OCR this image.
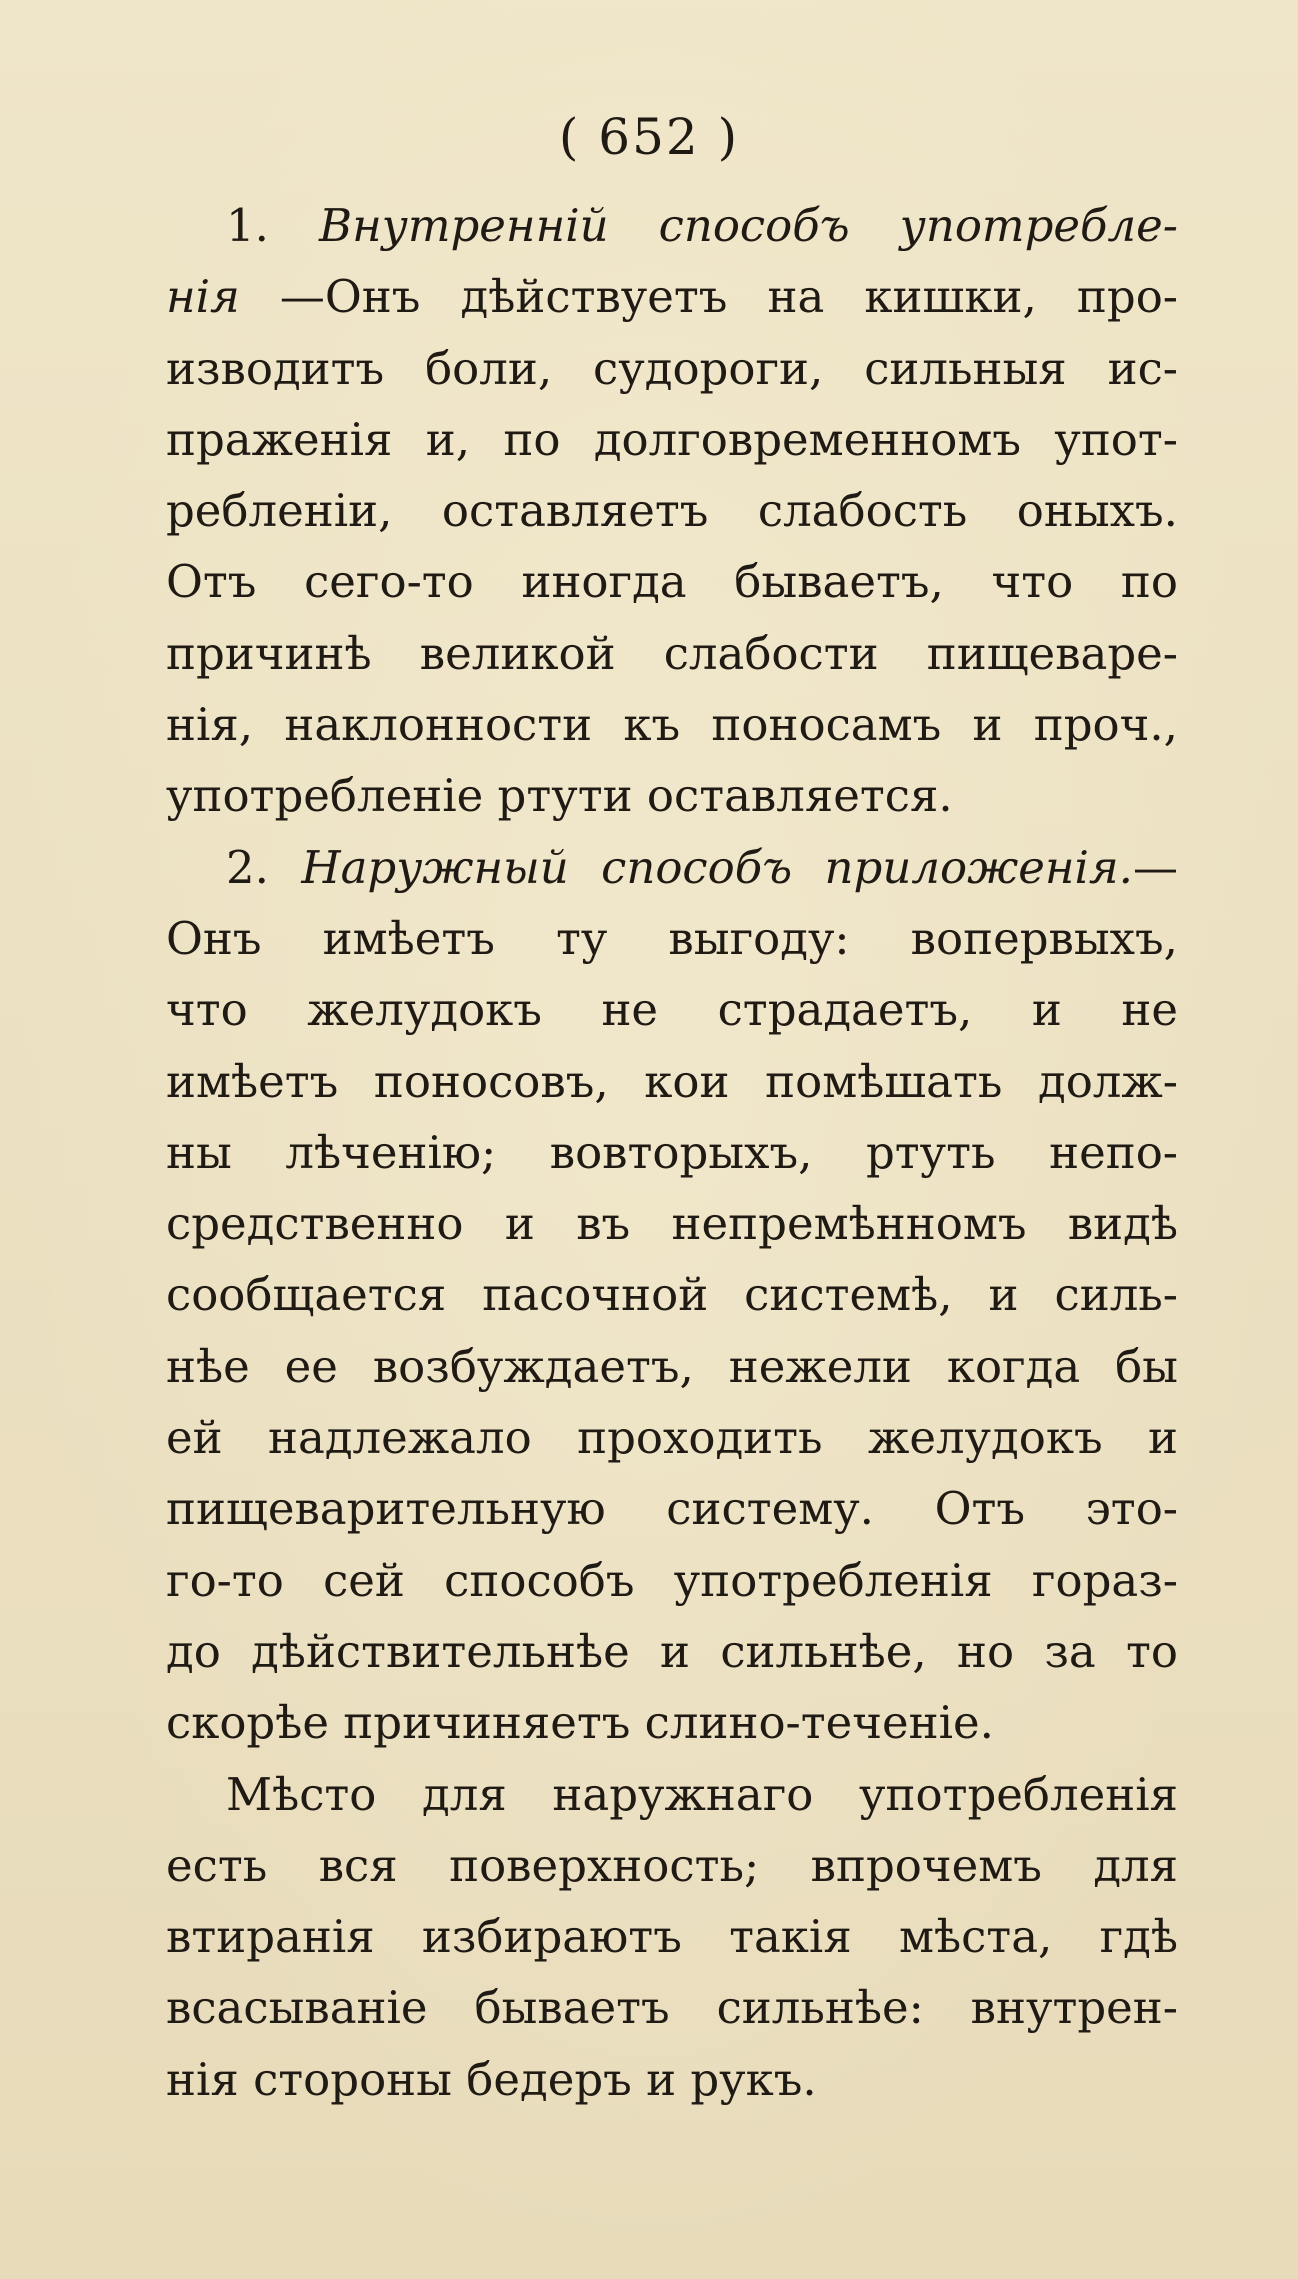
( 652 )
1. Внутренній способъ употребле-
нія —Онъ дѣйствуетъ на кишки, про-
изводитъ боли, судороги, сильныя ис-
праженія и, по долговременномъ упот-
ребленіи, оставляетъ слабость оныхъ.
Отъ сего-то иногда бываетъ, что по
причинѣ великой слабости пищеваре-
нія, наклонности къ поносамъ и проч.,
употребленіе ртути оставляется.
2. Наружный способъ приложенія.—
Онъ имѣетъ ту выгоду: вопервыхъ,
что желудокъ не страдаетъ, и не
имѣетъ поносовъ, кои помѣшать долж-
ны лѣченію; вовторыхъ, ртуть непо-
средственно и въ непремѣнномъ видѣ
сообщается пасочной системѣ, и силь-
нѣе ее возбуждаетъ, нежели когда бы
ей надлежало проходить желудокъ и
пищеварительную систему. Отъ это-
го-то сей способъ употребленія гораз-
до дѣйствительнѣе и сильнѣе, но за то
скорѣе причиняетъ слино-теченіе.
Мѣсто для наружнаго употребленія
есть вся поверхность; впрочемъ для
втиранія избираютъ такія мѣста, гдѣ
всасываніе бываетъ сильнѣе: внутрен-
нія стороны бедеръ и рукъ.
